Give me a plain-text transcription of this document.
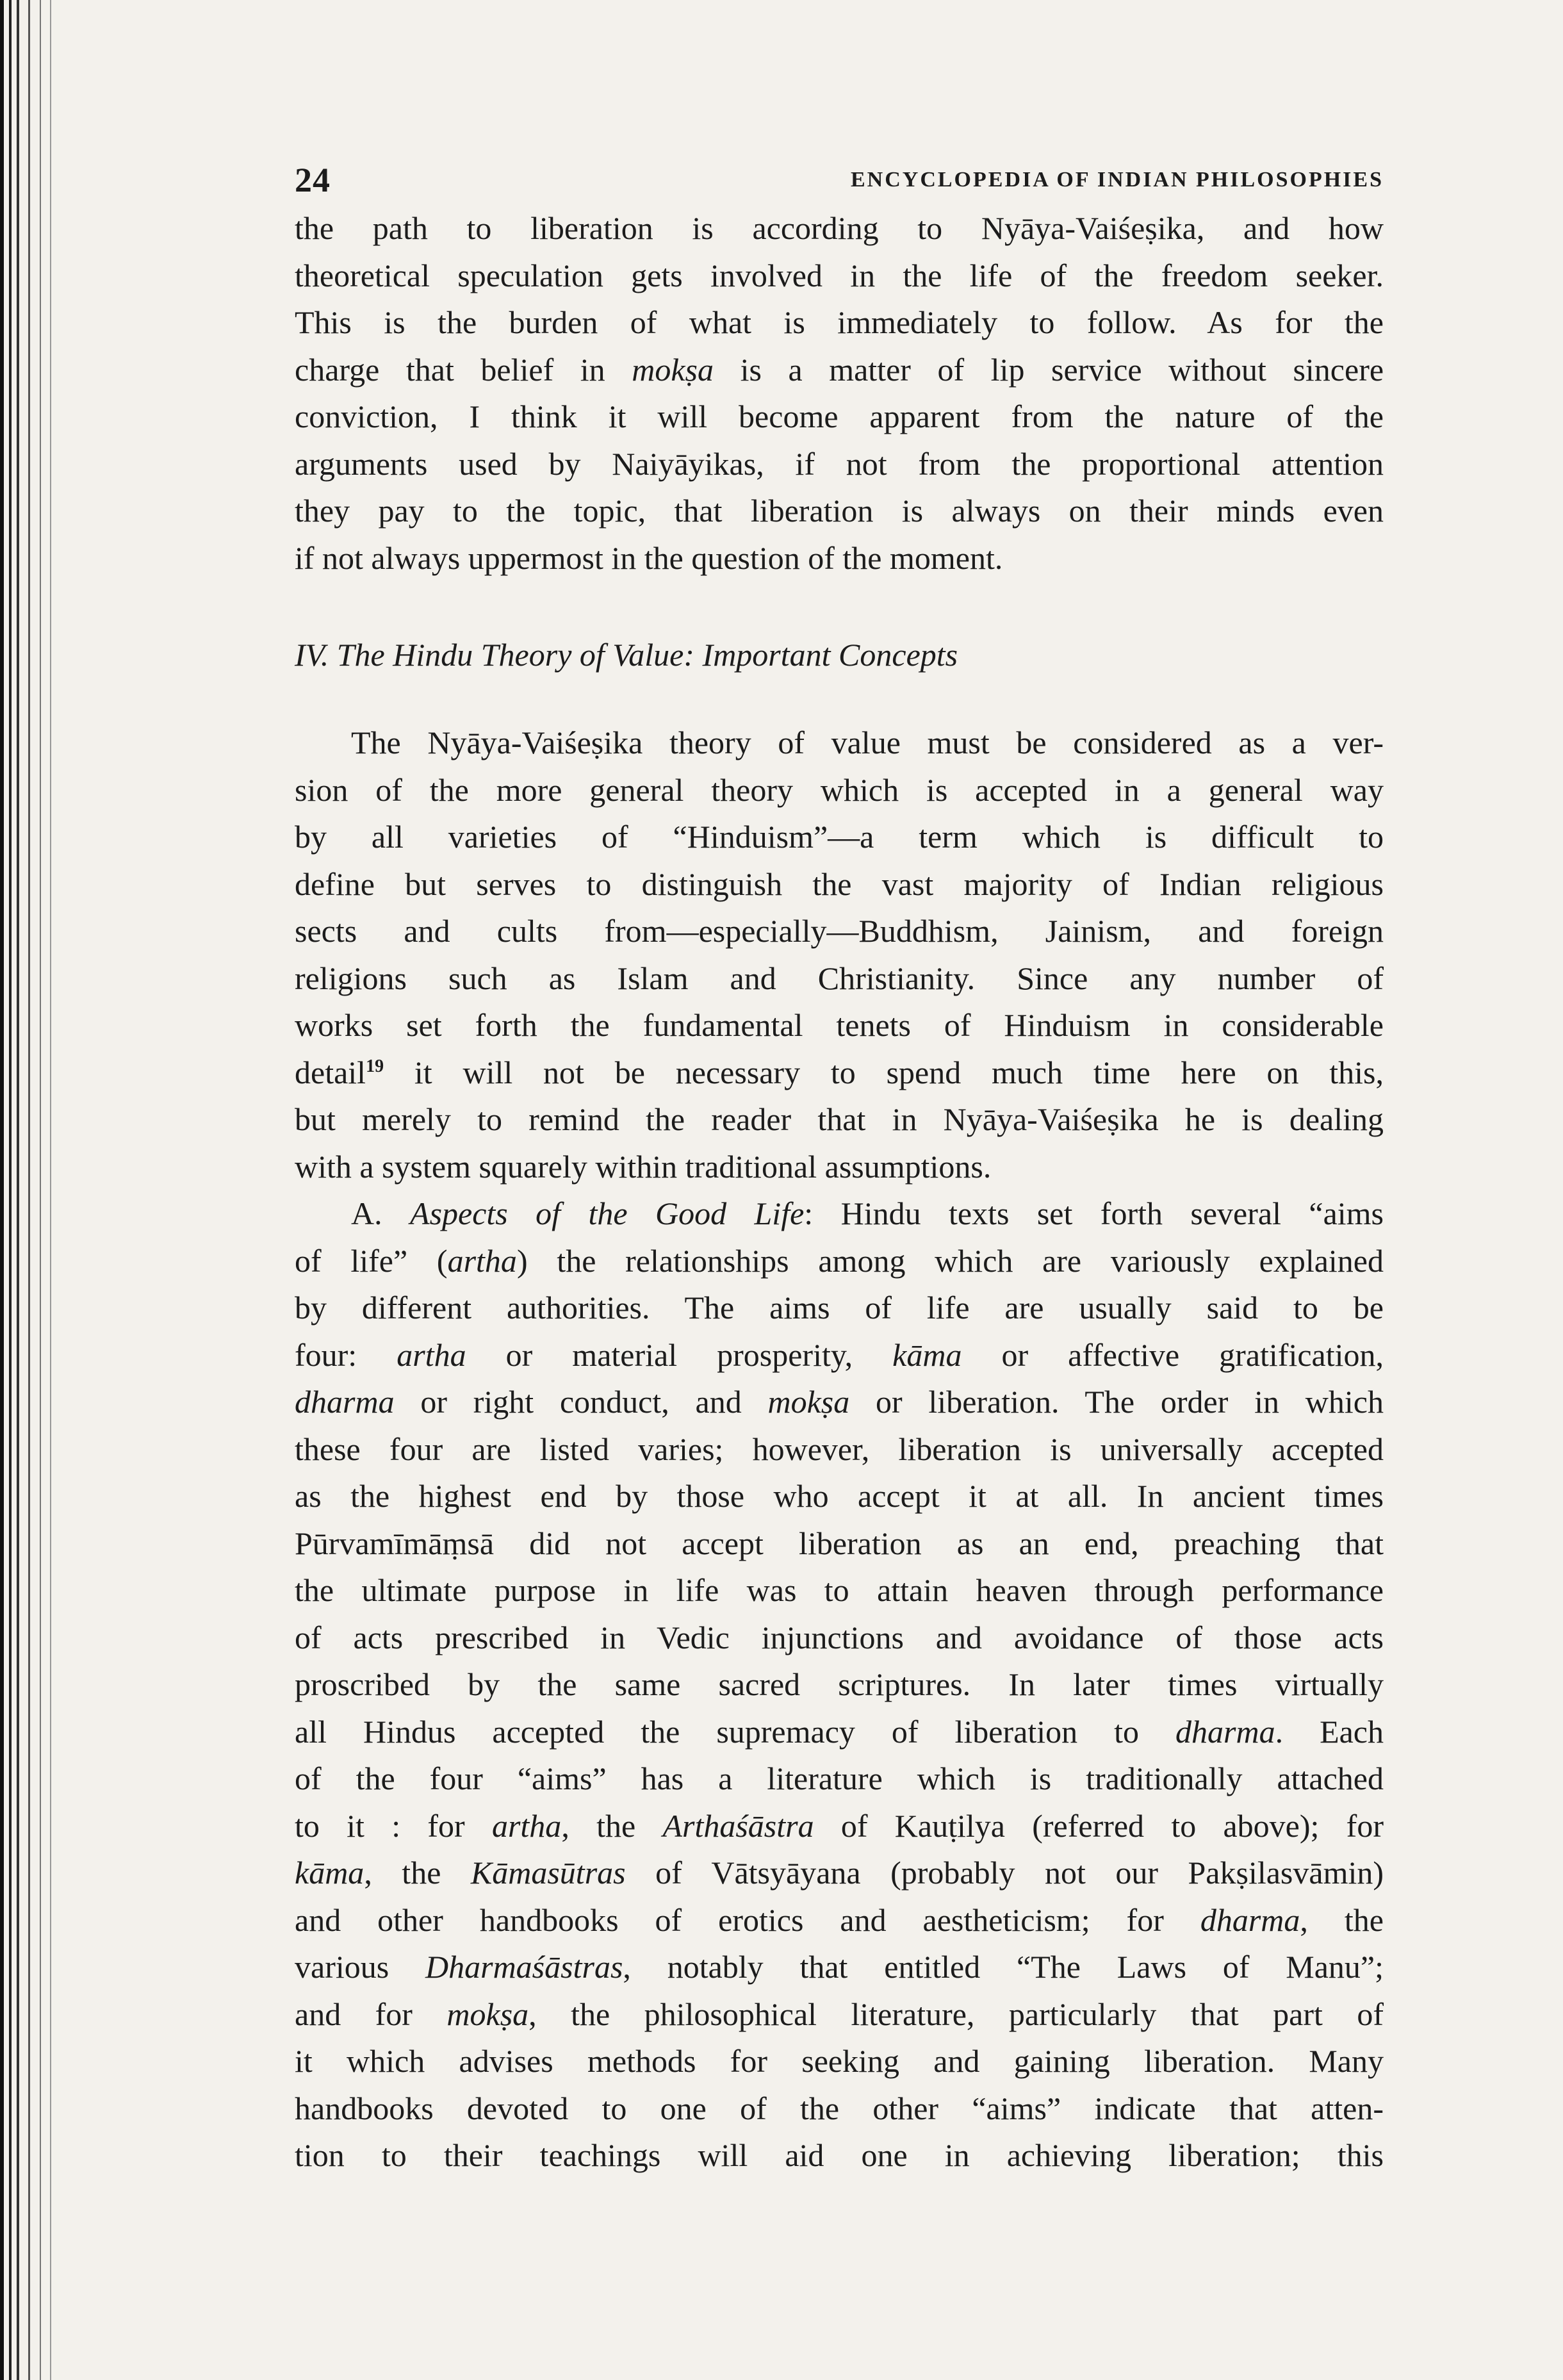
24	ENCYCLOPEDIA OF INDIAN PHILOSOPHIES

the path to liberation is according to Nyāya-Vaiśeṣika, and how
theoretical speculation gets involved in the life of the freedom seeker.
This is the burden of what is immediately to follow. As for the
charge that belief in mokṣa is a matter of lip service without sincere
conviction, I think it will become apparent from the nature of the
arguments used by Naiyāyikas, if not from the proportional attention
they pay to the topic, that liberation is always on their minds even
if not always uppermost in the question of the moment.

IV. The Hindu Theory of Value: Important Concepts

The Nyāya-Vaiśeṣika theory of value must be considered as a ver-
sion of the more general theory which is accepted in a general way
by all varieties of “Hinduism”—a term which is difficult to
define but serves to distinguish the vast majority of Indian religious
sects and cults from—especially—Buddhism, Jainism, and foreign
religions such as Islam and Christianity. Since any number of
works set forth the fundamental tenets of Hinduism in considerable
detail$^{19}$ it will not be necessary to spend much time here on this,
but merely to remind the reader that in Nyāya-Vaiśeṣika he is dealing
with a system squarely within traditional assumptions.

A. Aspects of the Good Life: Hindu texts set forth several “aims
of life” (artha) the relationships among which are variously explained
by different authorities. The aims of life are usually said to be
four: artha or material prosperity, kāma or affective gratification,
dharma or right conduct, and mokṣa or liberation. The order in which
these four are listed varies; however, liberation is universally accepted
as the highest end by those who accept it at all. In ancient times
Pūrvamīmāṃsā did not accept liberation as an end, preaching that
the ultimate purpose in life was to attain heaven through performance
of acts prescribed in Vedic injunctions and avoidance of those acts
proscribed by the same sacred scriptures. In later times virtually
all Hindus accepted the supremacy of liberation to dharma. Each
of the four “aims” has a literature which is traditionally attached
to it : for artha, the Arthaśāstra of Kauṭilya (referred to above); for
kāma, the Kāmasūtras of Vātsyāyana (probably not our Pakṣilasvāmin)
and other handbooks of erotics and aestheticism; for dharma, the
various Dharmaśāstras, notably that entitled “The Laws of Manu”;
and for mokṣa, the philosophical literature, particularly that part of
it which advises methods for seeking and gaining liberation. Many
handbooks devoted to one of the other “aims” indicate that atten-
tion to their teachings will aid one in achieving liberation; this
